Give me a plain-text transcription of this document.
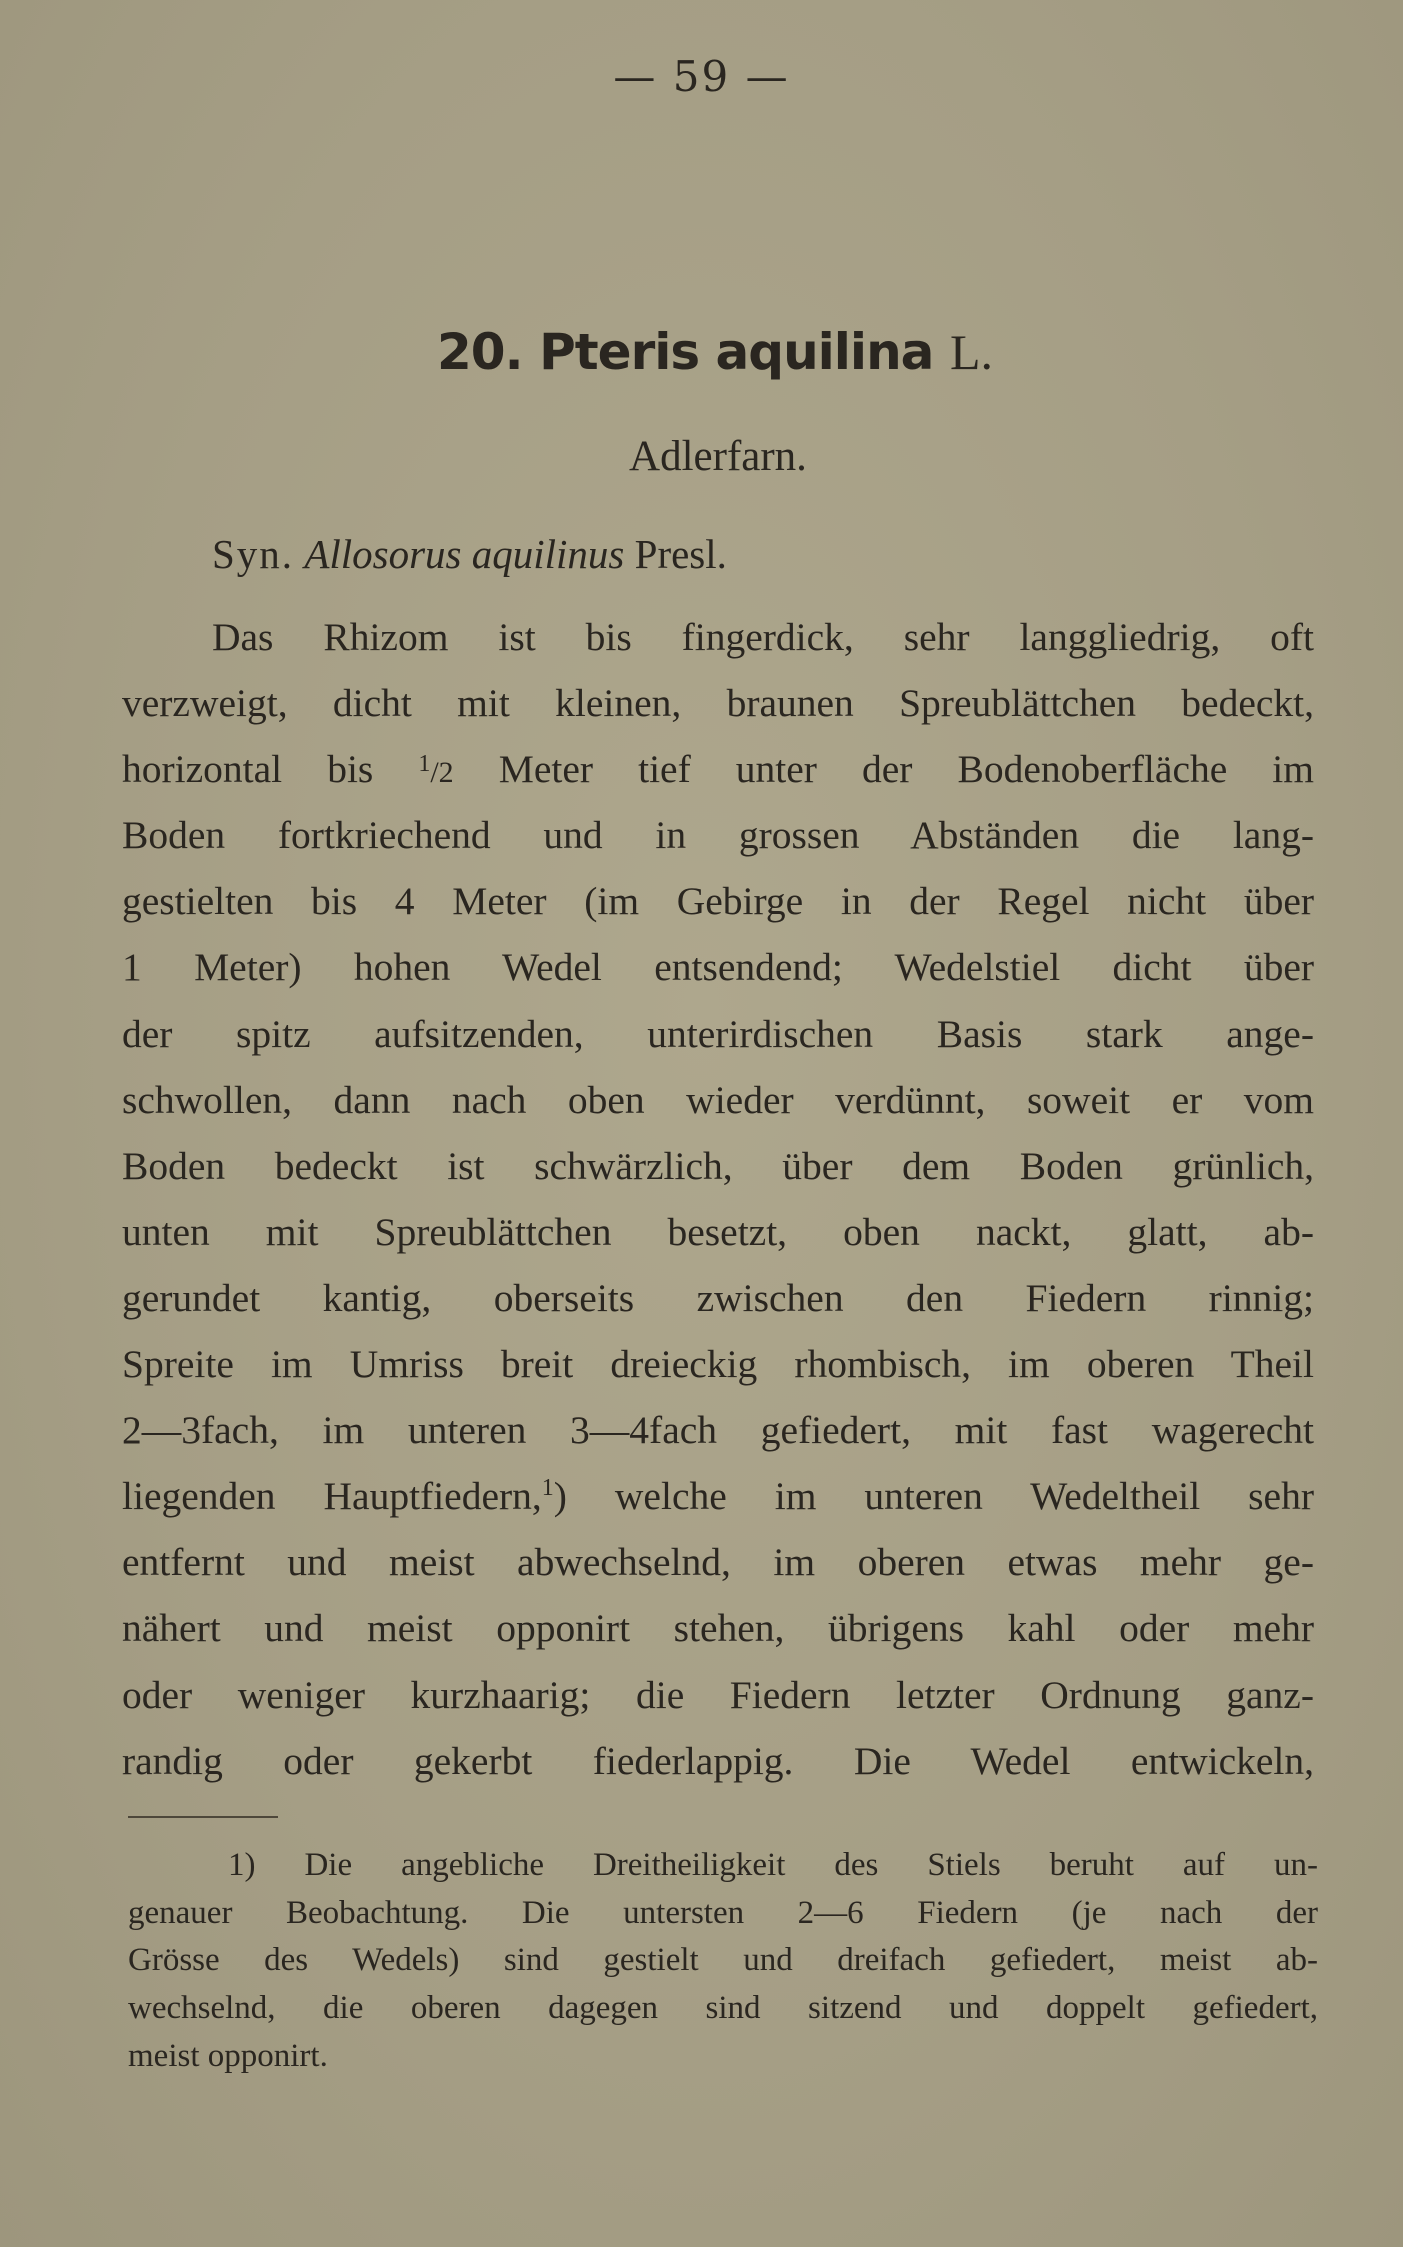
— 59 —
20. Pteris aquilina L.
Adlerfarn.
Syn. Allosorus aquilinus Presl.
Das Rhizom ist bis fingerdick, sehr langgliedrig, oft
verzweigt, dicht mit kleinen, braunen Spreublättchen bedeckt,
horizontal bis $^1$/2 Meter tief unter der Bodenoberfläche im
Boden fortkriechend und in grossen Abständen die lang-
gestielten bis 4 Meter (im Gebirge in der Regel nicht über
1 Meter) hohen Wedel entsendend; Wedelstiel dicht über
der spitz aufsitzenden, unterirdischen Basis stark ange-
schwollen, dann nach oben wieder verdünnt, soweit er vom
Boden bedeckt ist schwärzlich, über dem Boden grünlich,
unten mit Spreublättchen besetzt, oben nackt, glatt, ab-
gerundet kantig, oberseits zwischen den Fiedern rinnig;
Spreite im Umriss breit dreieckig rhombisch, im oberen Theil
2—3fach, im unteren 3—4fach gefiedert, mit fast wagerecht
liegenden Hauptfiedern,$^1$) welche im unteren Wedeltheil sehr
entfernt und meist abwechselnd, im oberen etwas mehr ge-
nähert und meist opponirt stehen, übrigens kahl oder mehr
oder weniger kurzhaarig; die Fiedern letzter Ordnung ganz-
randig oder gekerbt fiederlappig. Die Wedel entwickeln,
1) Die angebliche Dreitheiligkeit des Stiels beruht auf un-
genauer Beobachtung. Die untersten 2—6 Fiedern (je nach der
Grösse des Wedels) sind gestielt und dreifach gefiedert, meist ab-
wechselnd, die oberen dagegen sind sitzend und doppelt gefiedert,
meist opponirt.
